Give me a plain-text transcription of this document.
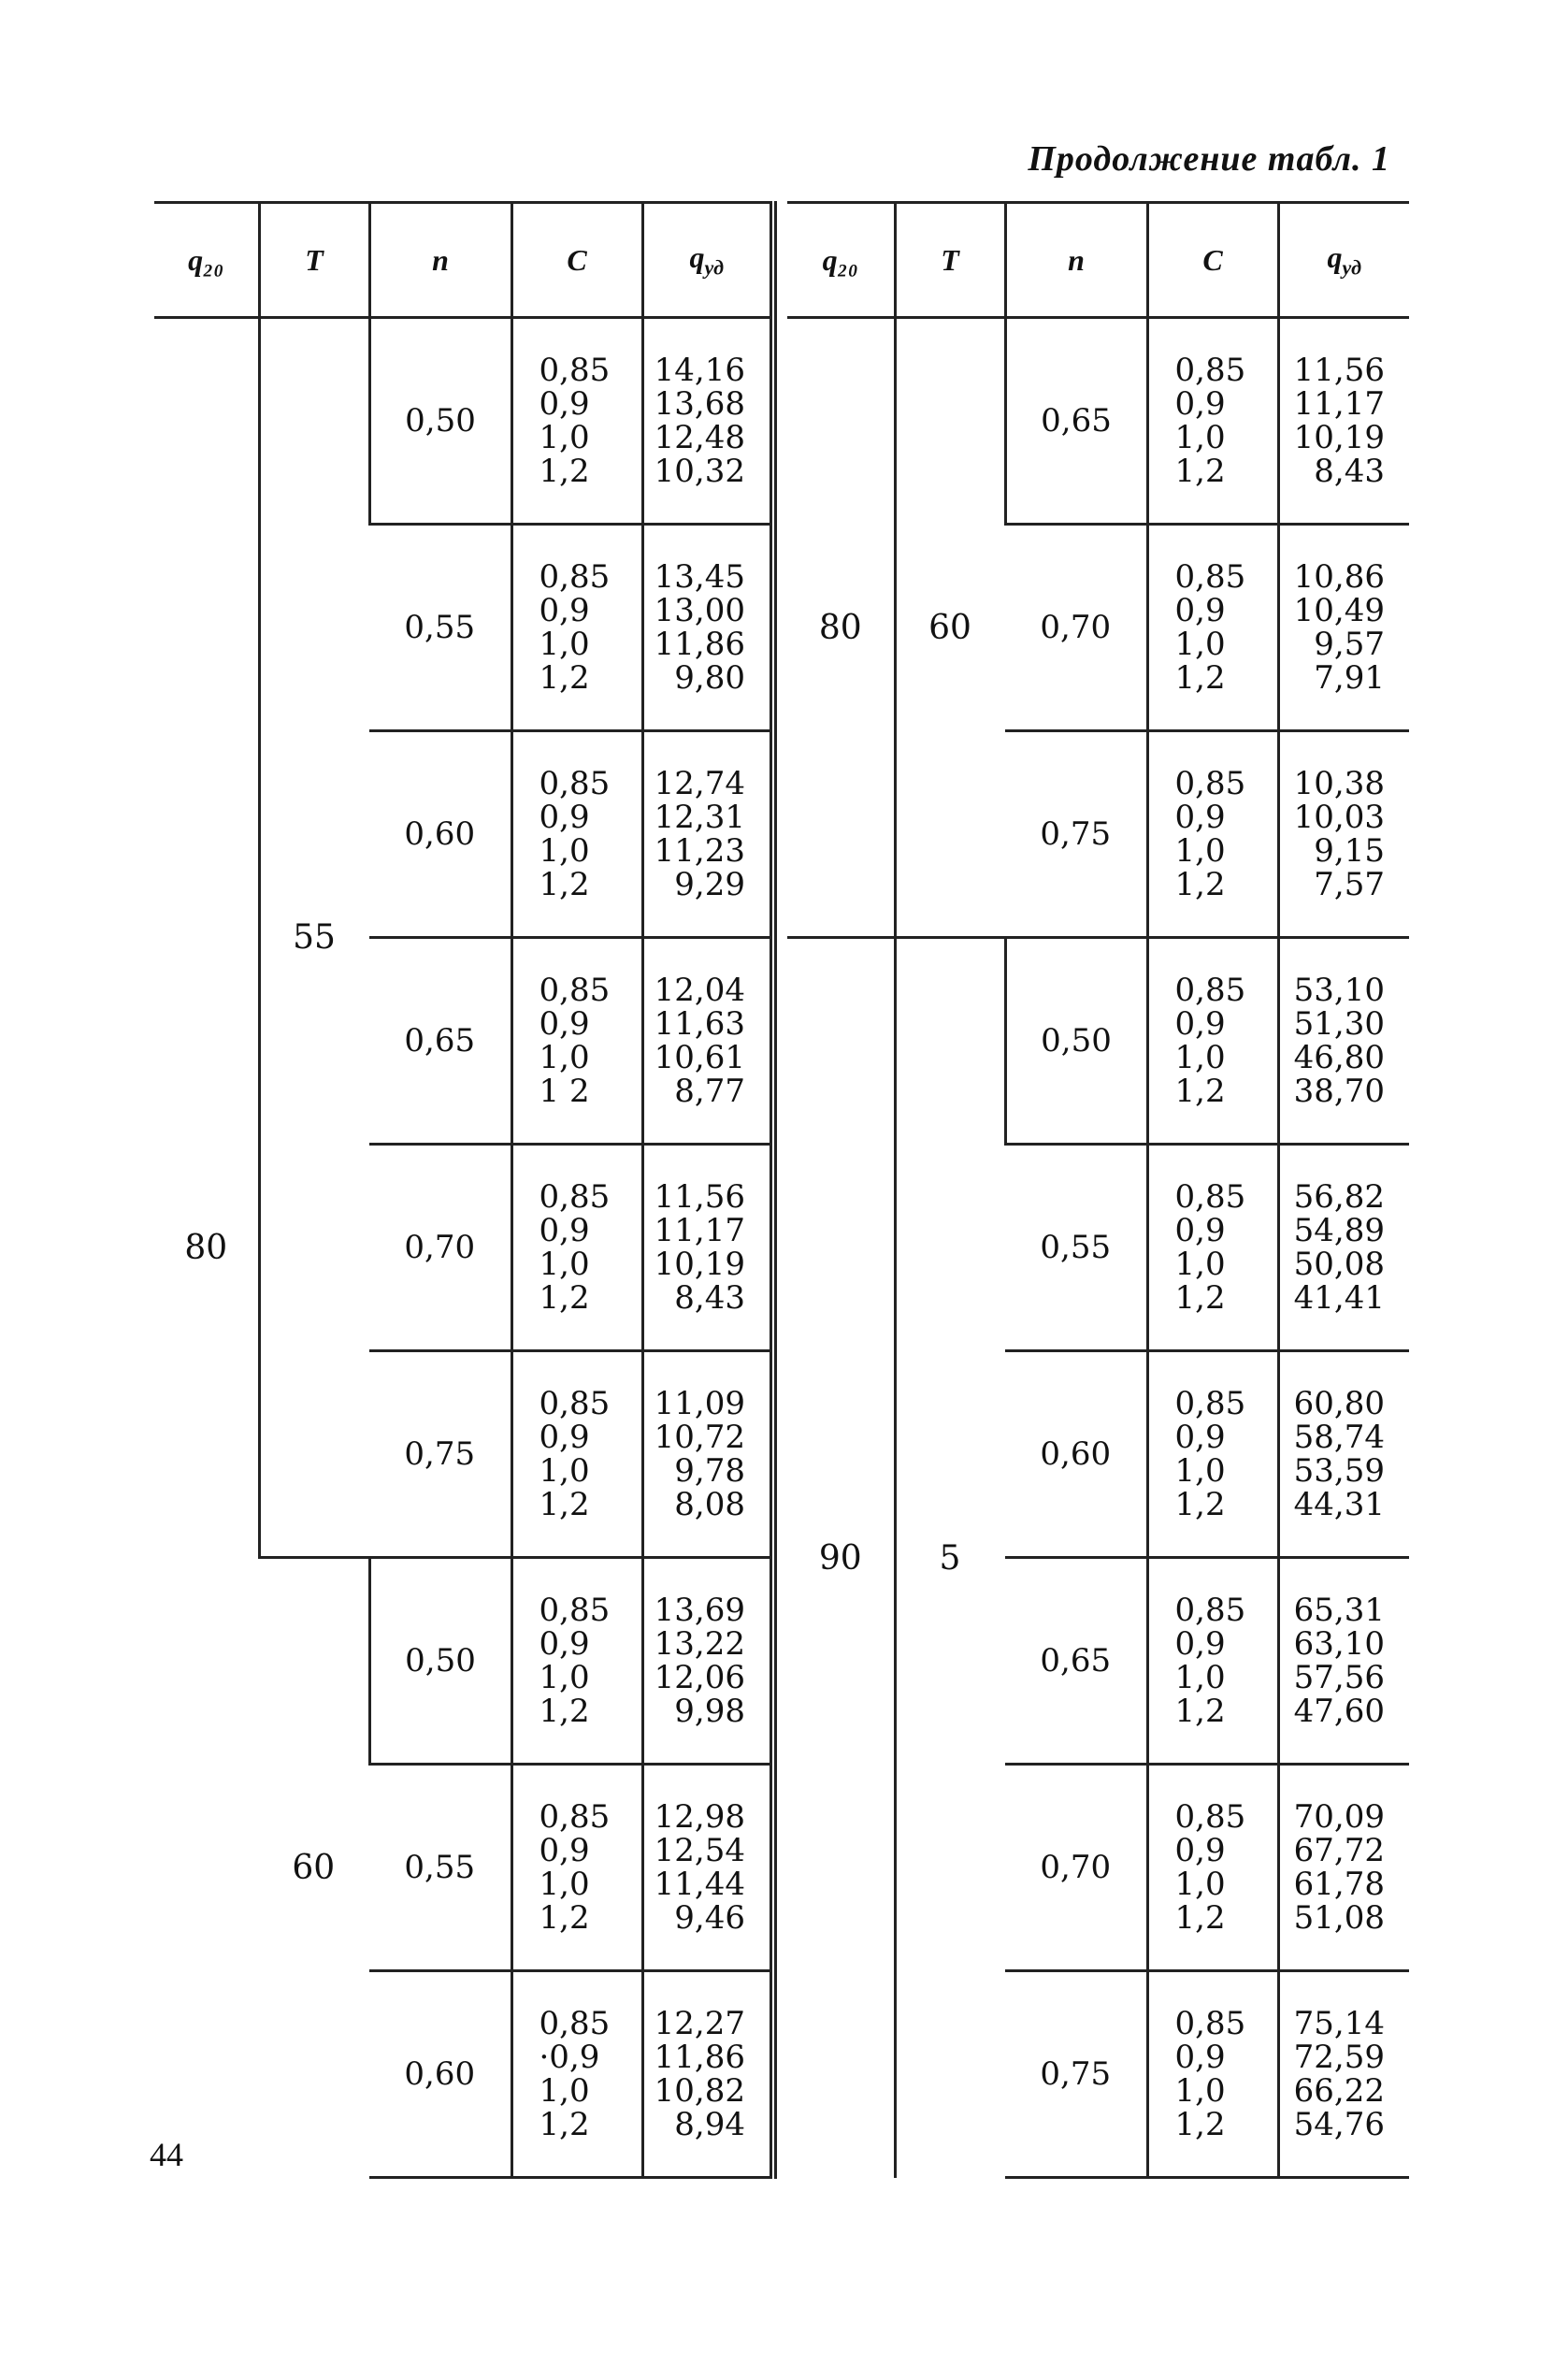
Продолжение табл. 1
q₂₀	T	n	C	$q_{уд}$
80	55	0,50	0,85
0,9
1,0
1,2	14,16
13,68
12,48
10,32

		0,55	0,85
0,9
1,0
1,2	13,45
13,00
11,86
9,80

		0,60	0,85
0,9
1,0
1,2	12,74
12,31
11,23
9,29

		0,65	0,85
0,9
1,0
1 2	12,04
11,63
10,61
8,77

		0,70	0,85
0,9
1,0
1,2	11,56
11,17
10,19
8,43

		0,75	0,85
0,9
1,0
1,2	11,09
10,72
9,78
8,08

	60	0,50	0,85
0,9
1,0
1,2	13,69
13,22
12,06
9,98

		0,55	0,85
0,9
1,0
1,2	12,98
12,54
11,44
9,46

		0,60	0,85
·0,9
1,0
1,2	12,27
11,86
10,82
8,94
q₂₀	T	n	C	$q_{уд}$
80	60	0,65	0,85
0,9
1,0
1,2	11,56
11,17
10,19
8,43

		0,70	0,85
0,9
1,0
1,2	10,86
10,49
9,57
7,91

		0,75	0,85
0,9
1,0
1,2	10,38
10,03
9,15
7,57

90	5	0,50	0,85
0,9
1,0
1,2	53,10
51,30
46,80
38,70

		0,55	0,85
0,9
1,0
1,2	56,82
54,89
50,08
41,41

		0,60	0,85
0,9
1,0
1,2	60,80
58,74
53,59
44,31

		0,65	0,85
0,9
1,0
1,2	65,31
63,10
57,56
47,60

		0,70	0,85
0,9
1,0
1,2	70,09
67,72
61,78
51,08

		0,75	0,85
0,9
1,0
1,2	75,14
72,59
66,22
54,76
44
